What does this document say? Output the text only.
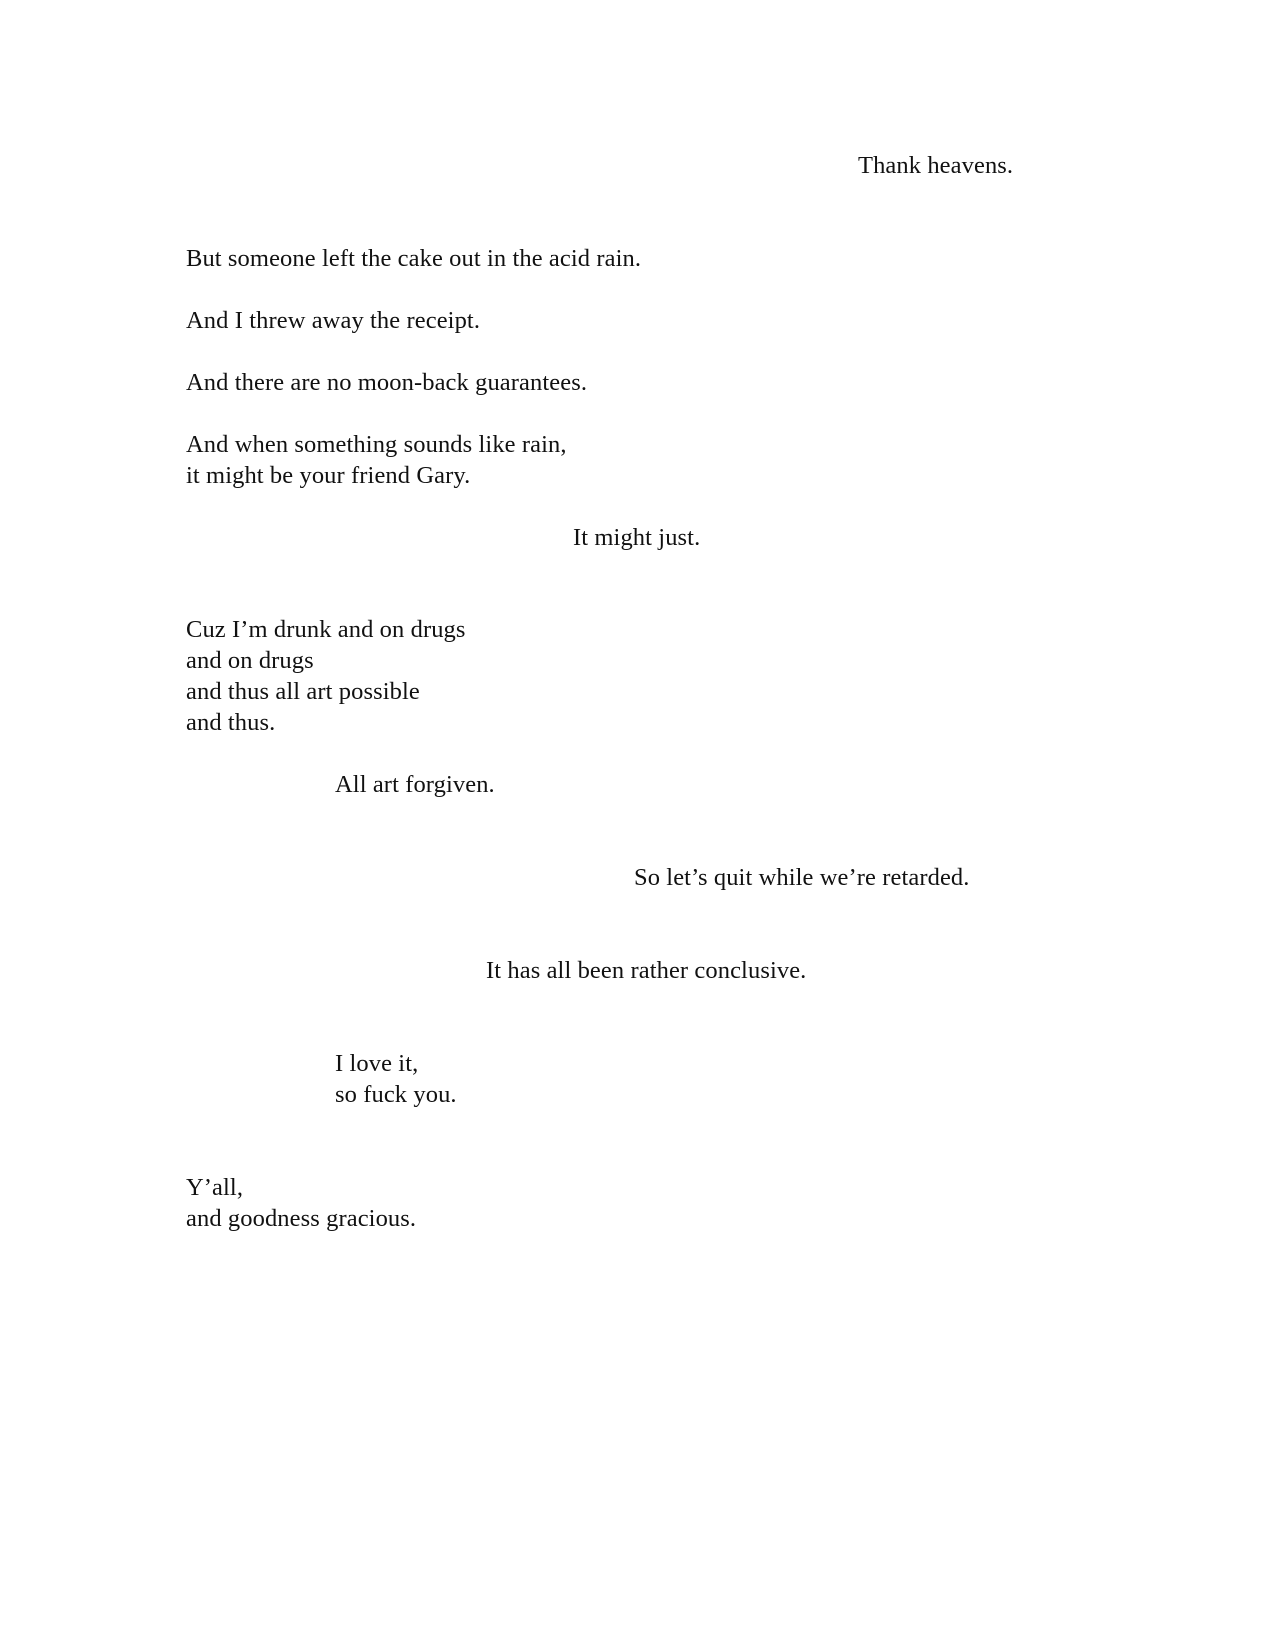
Thank heavens.
But someone left the cake out in the acid rain.
And I threw away the receipt.
And there are no moon-back guarantees.
And when something sounds like rain,
it might be your friend Gary.
It might just.
Cuz I’m drunk and on drugs
and on drugs
and thus all art possible
and thus.
All art forgiven.
So let’s quit while we’re retarded.
It has all been rather conclusive.
I love it,
so fuck you.
Y’all,
and goodness gracious.
